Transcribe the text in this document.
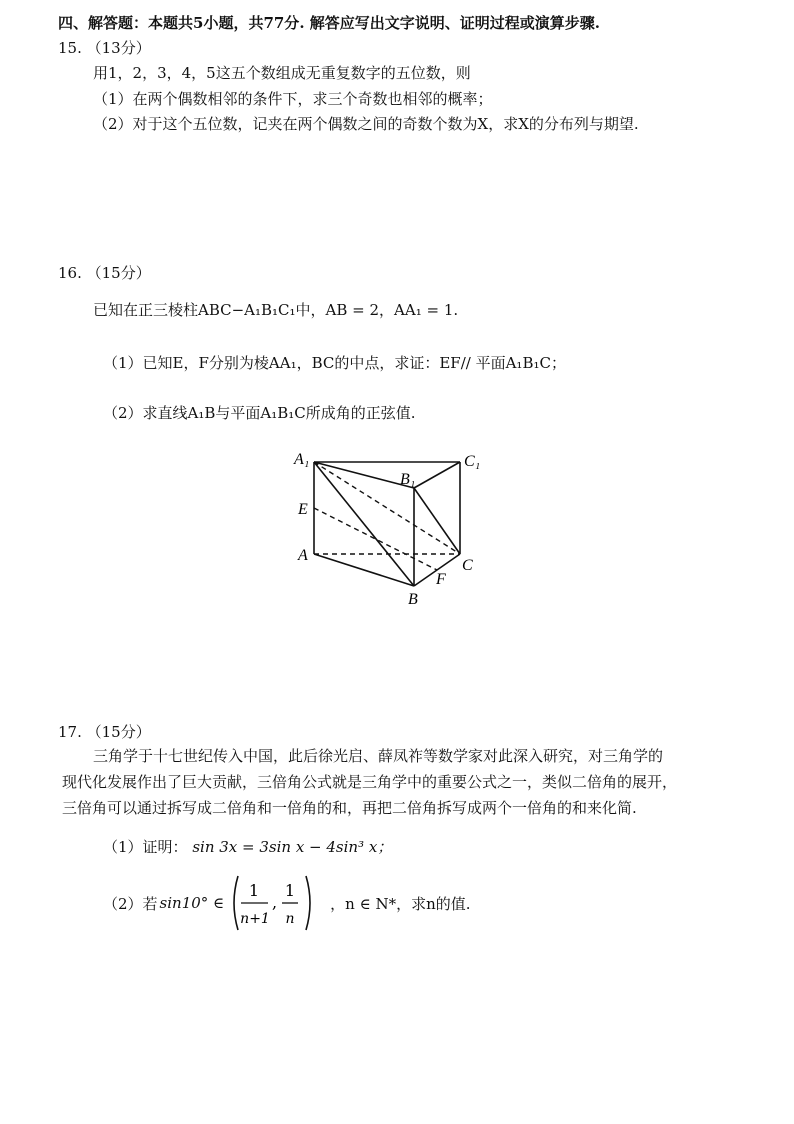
四、解答题：本题共5小题，共77分. 解答应写出文字说明、证明过程或演算步骤.
15. （13分）
用1，2，3，4，5这五个数组成无重复数字的五位数，则
（1）在两个偶数相邻的条件下，求三个奇数也相邻的概率；
（2）对于这个五位数，记夹在两个偶数之间的奇数个数为X，求X的分布列与期望.
16. （15分）
已知在正三棱柱ABC−A₁B₁C₁中，AB = 2，AA₁ = 1.
（1）已知E，F分别为棱AA₁，BC的中点，求证：EF// 平面A₁B₁C；
（2）求直线A₁B与平面A₁B₁C所成角的正弦值.
A₁
B₁
C₁
E
A
B
C
F
17. （15分）
三角学于十七世纪传入中国，此后徐光启、薛凤祚等数学家对此深入研究，对三角学的
现代化发展作出了巨大贡献，三倍角公式就是三角学中的重要公式之一，类似二倍角的展开，
三倍角可以通过拆写成二倍角和一倍角的和，再把二倍角拆写成两个一倍角的和来化简.
（1）证明： sin 3x = 3sin x − 4sin³ x；
（2）若 sin10° ∈
1
n+1
,
1
n
，n ∈ N*，求n的值.
